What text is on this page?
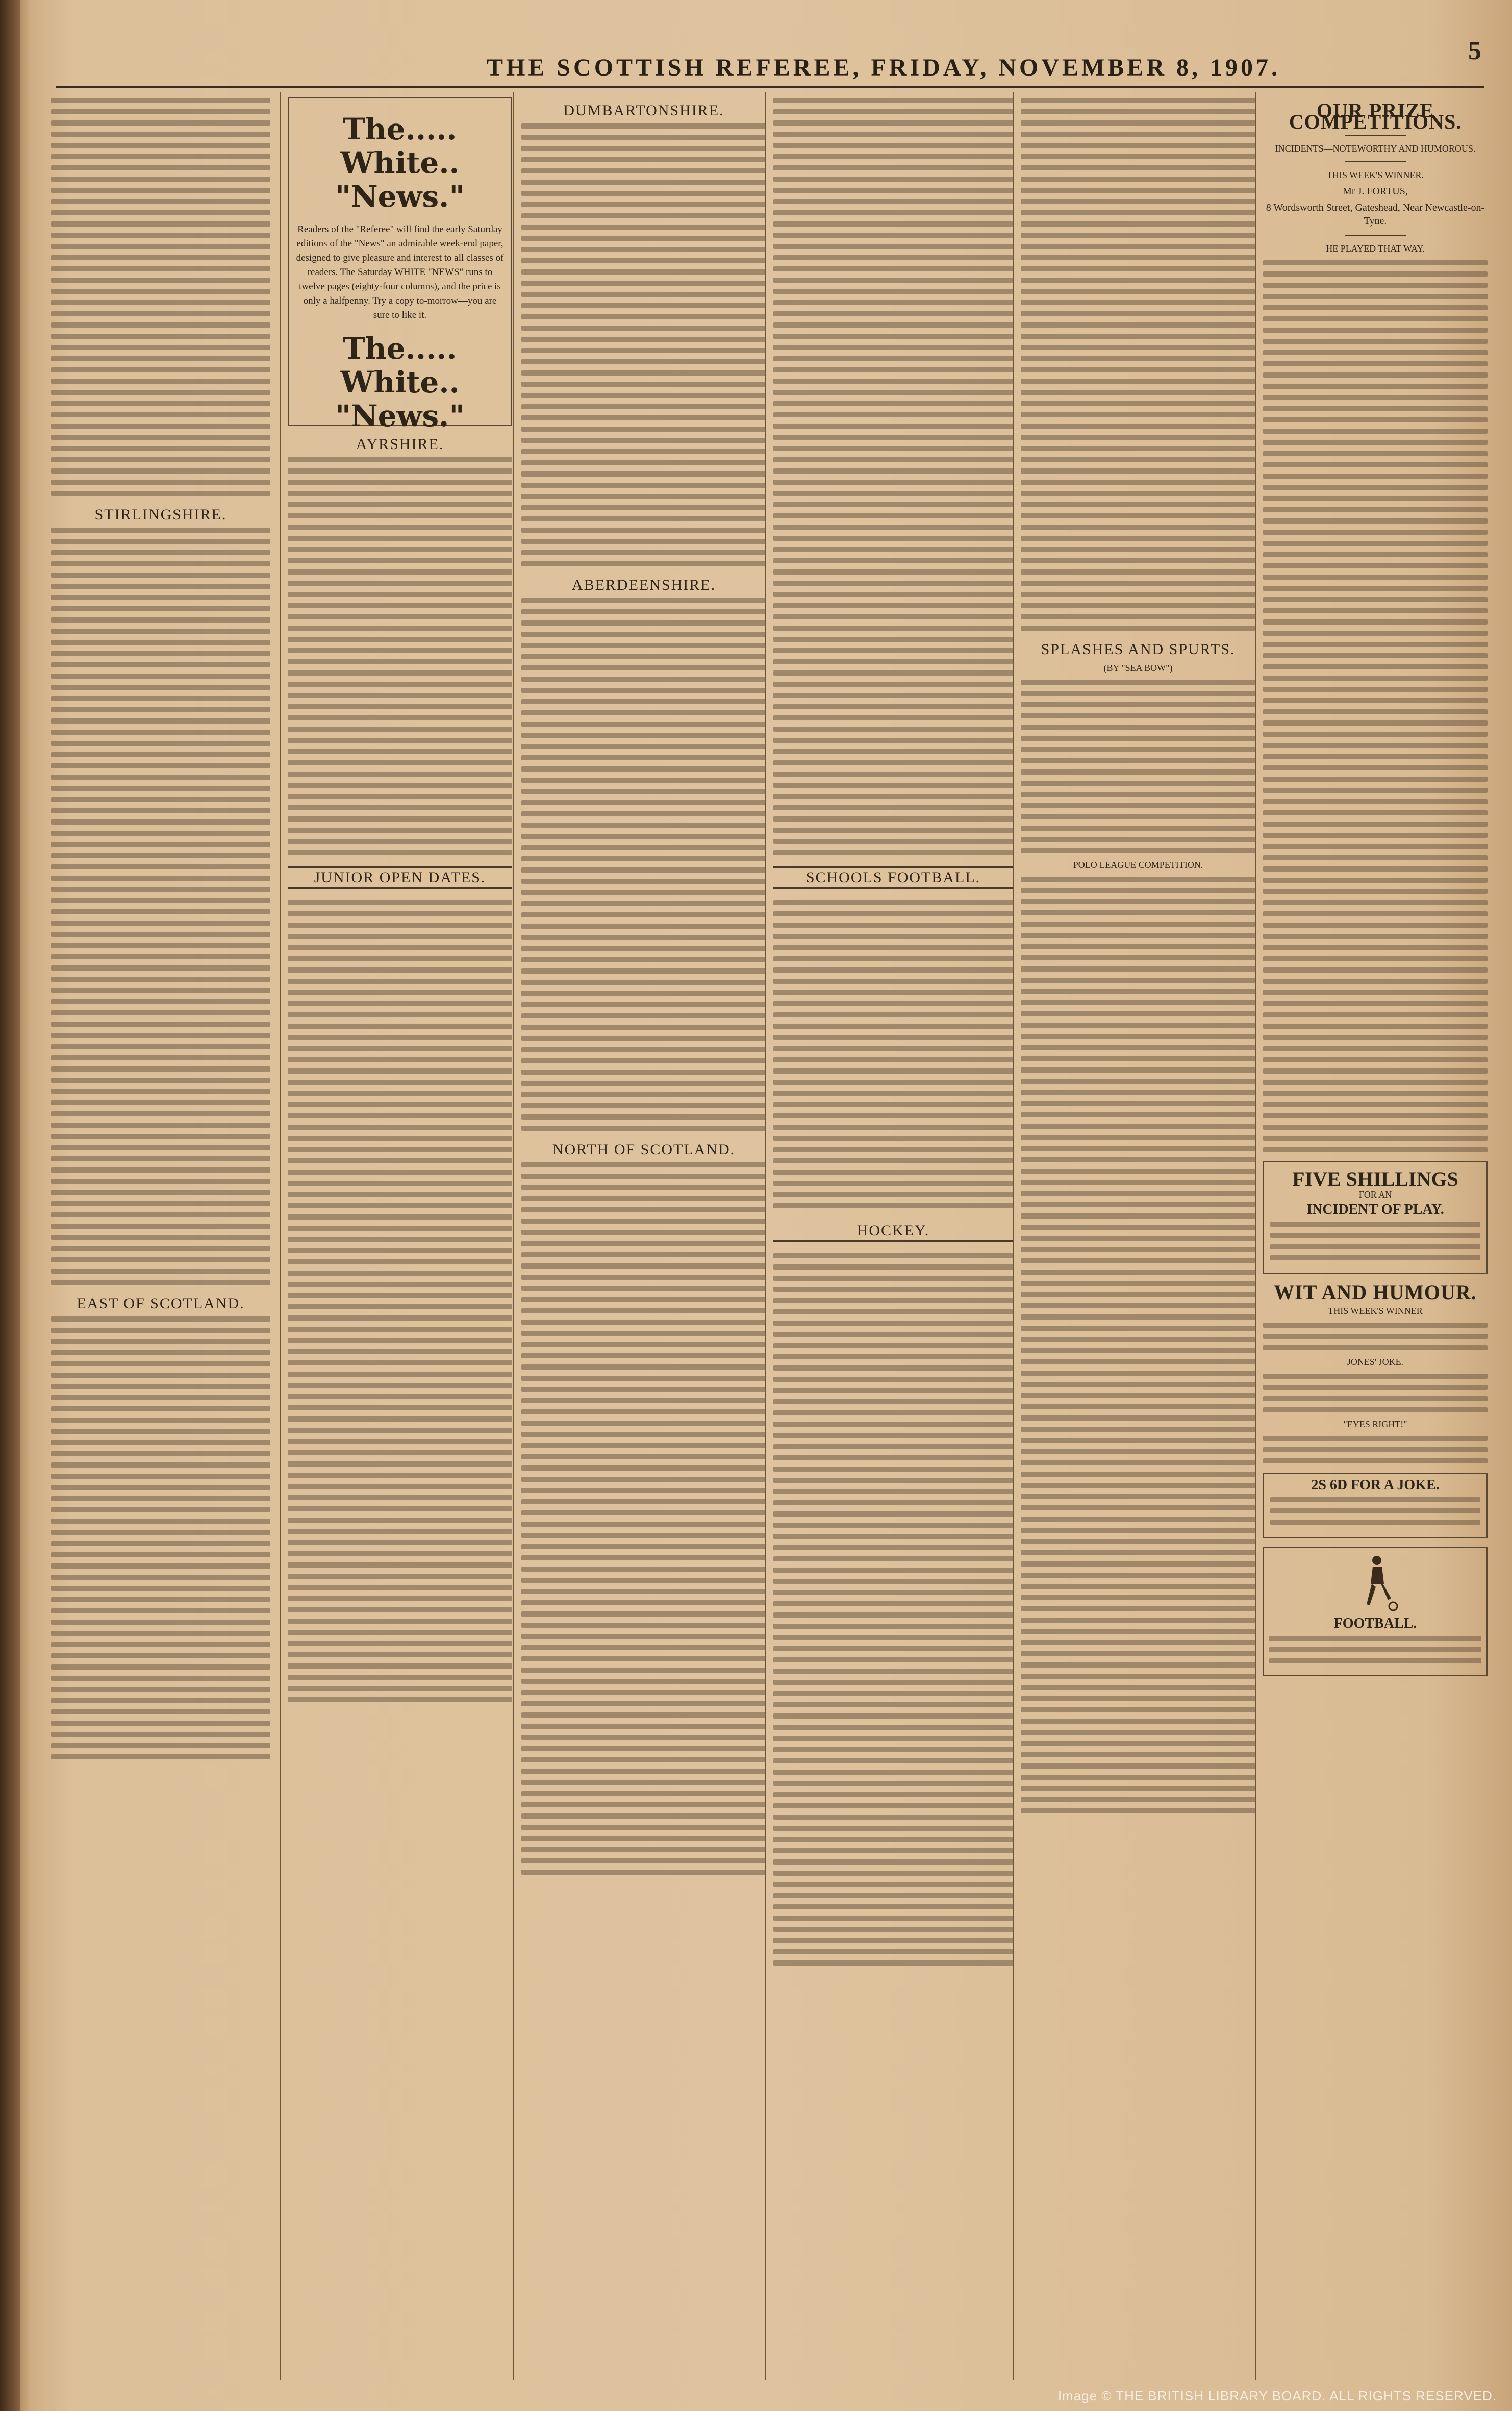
THE SCOTTISH REFEREE, FRIDAY, NOVEMBER 8, 1907.
5
STIRLINGSHIRE.
EAST OF SCOTLAND.
The..... White.. "News."
Readers of the "Referee" will find the early Saturday editions of the "News" an admirable week-end paper, designed to give pleasure and interest to all classes of readers. The Saturday WHITE "NEWS" runs to twelve pages (eighty-four columns), and the price is only a halfpenny. Try a copy to-morrow—you are sure to like it.
The..... White.. "News."
AYRSHIRE.
JUNIOR OPEN DATES.
DUMBARTONSHIRE.
ABERDEENSHIRE.
NORTH OF SCOTLAND.
SCHOOLS FOOTBALL.
HOCKEY.
SPLASHES AND SPURTS.
(BY "SEA BOW")
POLO LEAGUE COMPETITION.
OUR PRIZE COMPETITIONS.
INCIDENTS—NOTEWORTHY AND HUMOROUS.
THIS WEEK'S WINNER.
Mr J. FORTUS,
8 Wordsworth Street, Gateshead, Near Newcastle-on-Tyne.
HE PLAYED THAT WAY.
FIVE SHILLINGS
FOR AN
INCIDENT OF PLAY.
WIT AND HUMOUR.
THIS WEEK'S WINNER
JONES' JOKE.
"EYES RIGHT!"
2S 6D FOR A JOKE.
FOOTBALL.
Image © THE BRITISH LIBRARY BOARD. ALL RIGHTS RESERVED.
